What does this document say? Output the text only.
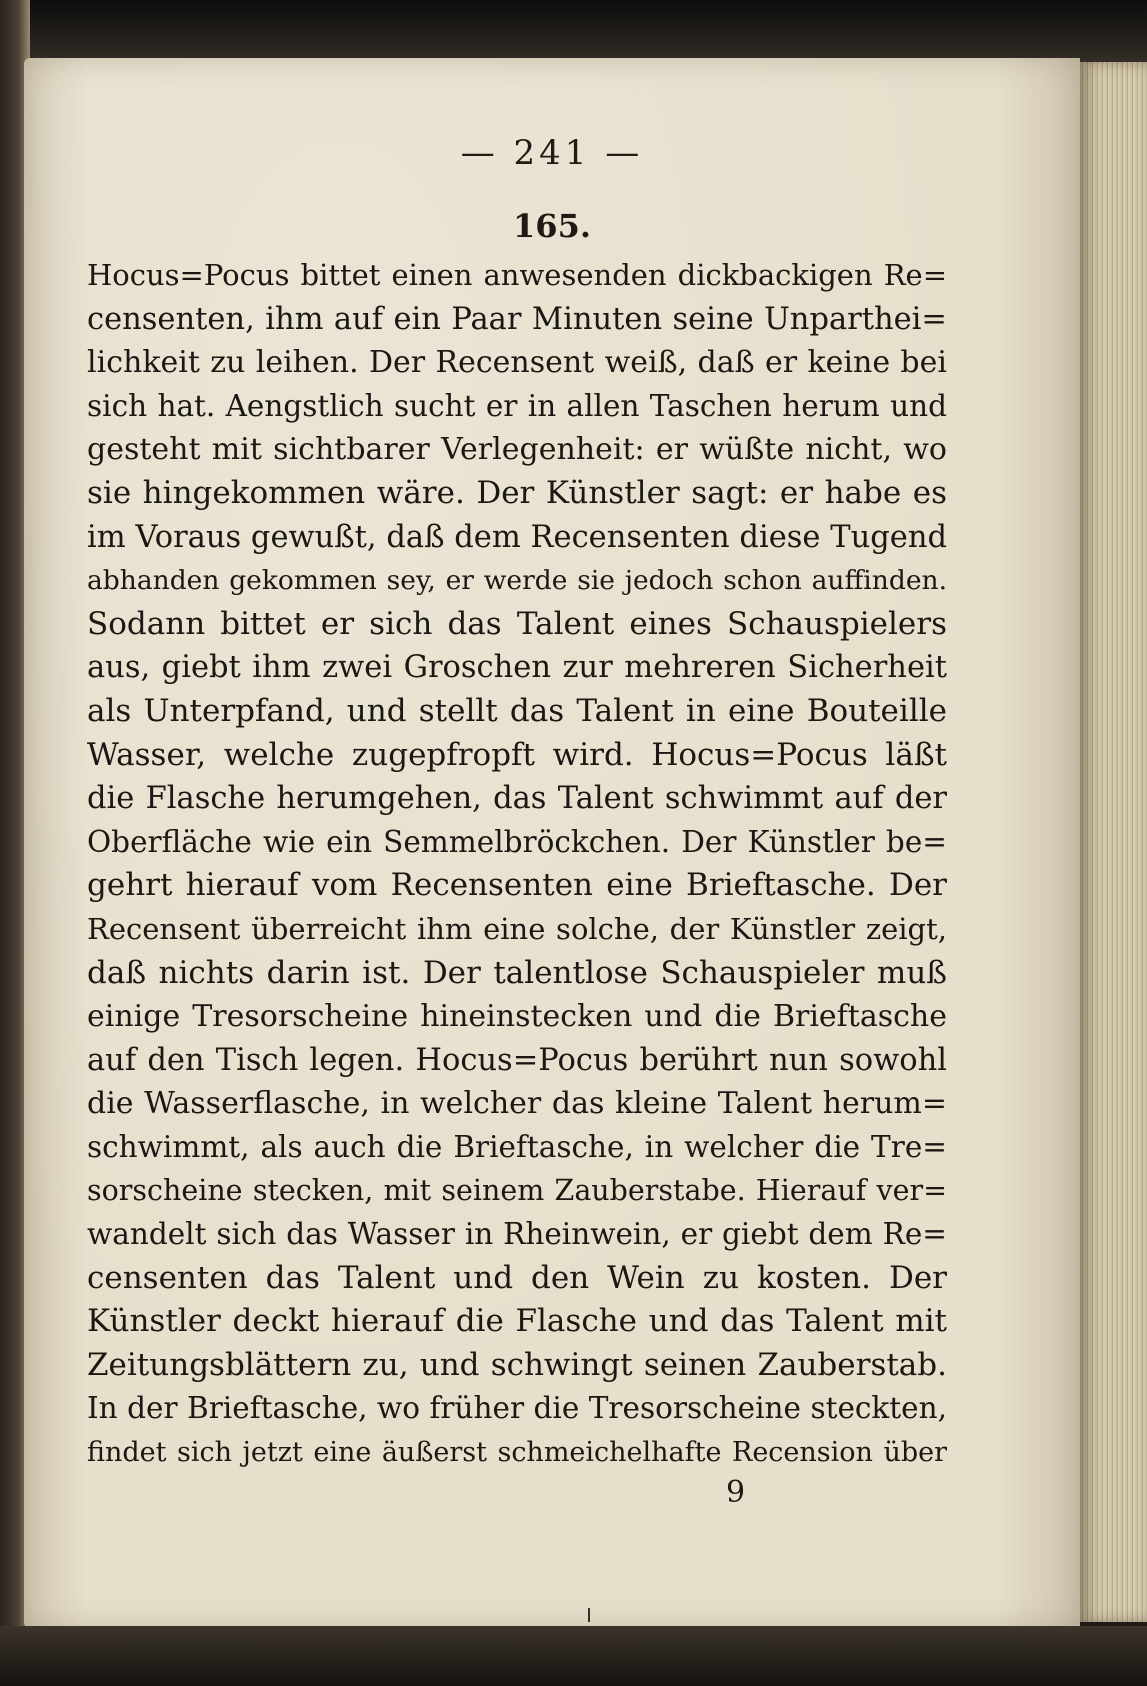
— 241 —
165.
Hocus=Pocus bittet einen anwesenden dickbackigen Re=
censenten, ihm auf ein Paar Minuten seine Unparthei=
lichkeit zu leihen. Der Recensent weiß, daß er keine bei
sich hat. Aengstlich sucht er in allen Taschen herum und
gesteht mit sichtbarer Verlegenheit: er wüßte nicht, wo
sie hingekommen wäre. Der Künstler sagt: er habe es
im Voraus gewußt, daß dem Recensenten diese Tugend
abhanden gekommen sey, er werde sie jedoch schon auffinden.
Sodann bittet er sich das Talent eines Schauspielers
aus, giebt ihm zwei Groschen zur mehreren Sicherheit
als Unterpfand, und stellt das Talent in eine Bouteille
Wasser, welche zugepfropft wird. Hocus=Pocus läßt
die Flasche herumgehen, das Talent schwimmt auf der
Oberfläche wie ein Semmelbröckchen. Der Künstler be=
gehrt hierauf vom Recensenten eine Brieftasche. Der
Recensent überreicht ihm eine solche, der Künstler zeigt,
daß nichts darin ist. Der talentlose Schauspieler muß
einige Tresorscheine hineinstecken und die Brieftasche
auf den Tisch legen. Hocus=Pocus berührt nun sowohl
die Wasserflasche, in welcher das kleine Talent herum=
schwimmt, als auch die Brieftasche, in welcher die Tre=
sorscheine stecken, mit seinem Zauberstabe. Hierauf ver=
wandelt sich das Wasser in Rheinwein, er giebt dem Re=
censenten das Talent und den Wein zu kosten. Der
Künstler deckt hierauf die Flasche und das Talent mit
Zeitungsblättern zu, und schwingt seinen Zauberstab.
In der Brieftasche, wo früher die Tresorscheine steckten,
findet sich jetzt eine äußerst schmeichelhafte Recension über
9
